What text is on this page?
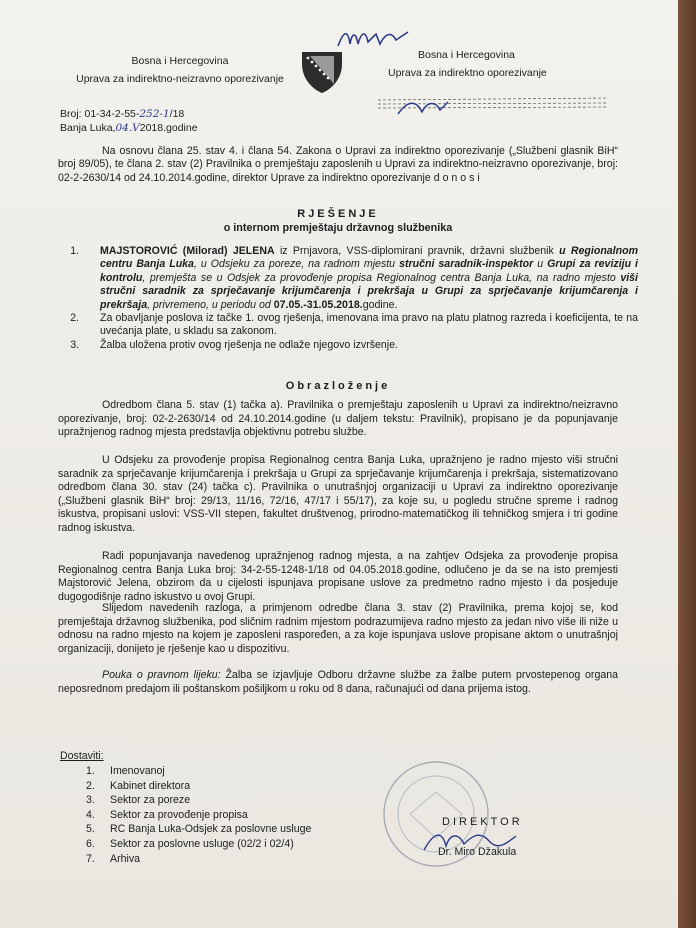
Bosna i Hercegovina
Uprava za indirektno-neizravno oporezivanje
Bosna i Hercegovina
Uprava za indirektno oporezivanje
Broj: 01-34-2-55-252-1/18
Banja Luka,04.V2018.godine
Na osnovu člana 25. stav 4. i člana 54. Zakona o Upravi za indirektno oporezivanje („Službeni glasnik BiH“ broj 89/05), te člana 2. stav (2) Pravilnika o premještaju zaposlenih u Upravi za indirektno-neizravno oporezivanje, broj: 02-2-2630/14 od 24.10.2014.godine, direktor Uprave za indirektno oporezivanje d o n o s i
RJEŠENJE
o internom premještaju državnog službenika
1. MAJSTOROVIĆ (Milorad) JELENA iz Prnjavora, VSS-diplomirani pravnik, državni službenik u Regionalnom centru Banja Luka, u Odsjeku za poreze, na radnom mjestu stručni saradnik-inspektor u Grupi za reviziju i kontrolu, premješta se u Odsjek za provođenje propisa Regionalnog centra Banja Luka, na radno mjesto viši stručni saradnik za sprječavanje krijumčarenja i prekršaja u Grupi za sprječavanje krijumčarenja i prekršaja, privremeno, u periodu od 07.05.-31.05.2018.godine.
2. Za obavljanje poslova iz tačke 1. ovog rješenja, imenovana ima pravo na platu platnog razreda i koeficijenta, te na uvećanja plate, u skladu sa zakonom.
3. Žalba uložena protiv ovog rješenja ne odlaže njegovo izvršenje.
Obrazloženje
Odredbom člana 5. stav (1) tačka a). Pravilnika o premještaju zaposlenih u Upravi za indirektno/neizravno oporezivanje, broj: 02-2-2630/14 od 24.10.2014.godine (u daljem tekstu: Pravilnik), propisano je da popunjavanje upražnjenog radnog mjesta predstavlja objektivnu potrebu službe.
U Odsjeku za provođenje propisa Regionalnog centra Banja Luka, upražnjeno je radno mjesto viši stručni saradnik za sprječavanje krijumčarenja i prekršaja u Grupi za sprječavanje krijumčarenja i prekršaja, sistematizovano odredbom člana 30. stav (24) tačka c). Pravilnika o unutrašnjoj organizaciji u Upravi za indirektno oporezivanje („Službeni glasnik BiH“ broj: 29/13, 11/16, 72/16, 47/17 i 55/17), za koje su, u pogledu stručne spreme i radnog iskustva, propisani uslovi: VSS-VII stepen, fakultet društvenog, prirodno-matematičkog ili tehničkog smjera i tri godine radnog iskustva.
Radi popunjavanja navedenog upražnjenog radnog mjesta, a na zahtjev Odsjeka za provođenje propisa Regionalnog centra Banja Luka broj: 34-2-55-1248-1/18 od 04.05.2018.godine, odlučeno je da se na isto premjesti Majstorović Jelena, obzirom da u cijelosti ispunjava propisane uslove za predmetno radno mjesto i da posjeduje dugogodišnje radno iskustvo u ovoj Grupi.
Slijedom navedenih razloga, a primjenom odredbe člana 3. stav (2) Pravilnika, prema kojoj se, kod premještaja državnog službenika, pod sličnim radnim mjestom podrazumijeva radno mjesto za jedan nivo više ili niže u odnosu na radno mjesto na kojem je zaposleni raspoređen, a za koje ispunjava uslove propisane aktom o unutrašnjoj organizaciji, donijeto je rješenje kao u dispozitivu.
Pouka o pravnom lijeku: Žalba se izjavljuje Odboru državne službe za žalbe putem prvostepenog organa neposrednom predajom ili poštanskom pošiljkom u roku od 8 dana, računajući od dana prijema istog.
Dostaviti:
1. Imenovanoj
2. Kabinet direktora
3. Sektor za poreze
4. Sektor za provođenje propisa
5. RC Banja Luka-Odsjek za poslovne usluge
6. Sektor za poslovne usluge (02/2 i 02/4)
7. Arhiva
DIREKTOR
Dr. Miro Džakula
